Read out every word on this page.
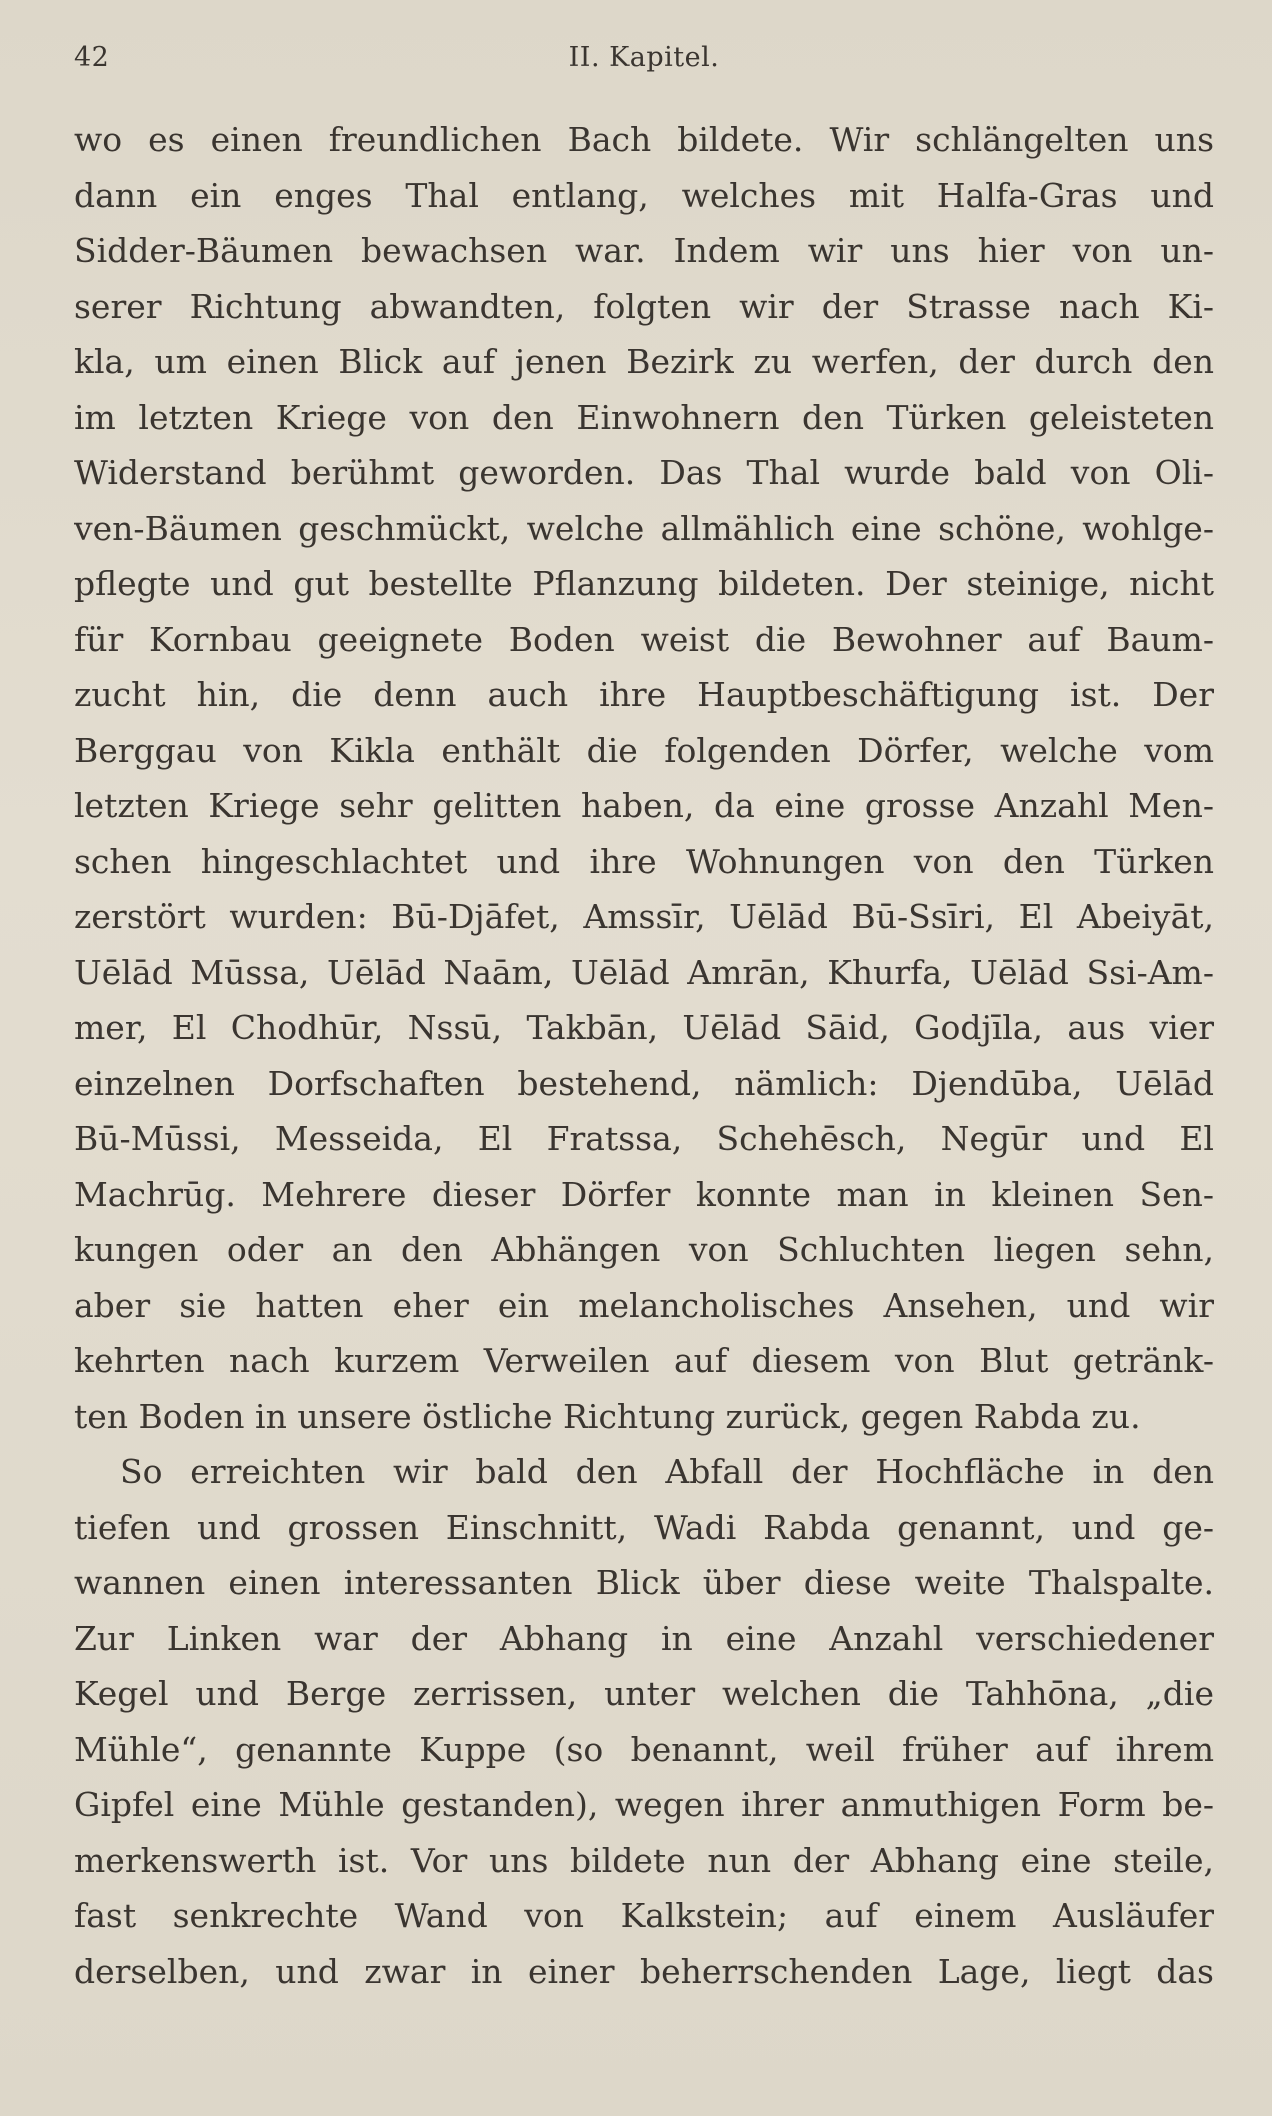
42	II. Kapitel.
wo es einen freundlichen Bach bildete. Wir schlängelten uns
dann ein enges Thal entlang, welches mit Halfa-Gras und
Sidder-Bäumen bewachsen war. Indem wir uns hier von un-
serer Richtung abwandten, folgten wir der Strasse nach Ki-
kla, um einen Blick auf jenen Bezirk zu werfen, der durch den
im letzten Kriege von den Einwohnern den Türken geleisteten
Widerstand berühmt geworden. Das Thal wurde bald von Oli-
ven-Bäumen geschmückt, welche allmählich eine schöne, wohlge-
pflegte und gut bestellte Pflanzung bildeten. Der steinige, nicht
für Kornbau geeignete Boden weist die Bewohner auf Baum-
zucht hin, die denn auch ihre Hauptbeschäftigung ist. Der
Berggau von Kikla enthält die folgenden Dörfer, welche vom
letzten Kriege sehr gelitten haben, da eine grosse Anzahl Men-
schen hingeschlachtet und ihre Wohnungen von den Türken
zerstört wurden: Bū-Djāfet, Amssīr, Uēlād Bū-Ssīri, El Abeiyāt,
Uēlād Mūssa, Uēlād Naām, Uēlād Amrān, Khurfa, Uēlād Ssi-Am-
mer, El Chodhūr, Nssū, Takbān, Uēlād Sāid, Godjīla, aus vier
einzelnen Dorfschaften bestehend, nämlich: Djendūba, Uēlād
Bū-Mūssi, Messeida, El Fratssa, Schehēsch, Negūr und El
Machrūg. Mehrere dieser Dörfer konnte man in kleinen Sen-
kungen oder an den Abhängen von Schluchten liegen sehn,
aber sie hatten eher ein melancholisches Ansehen, und wir
kehrten nach kurzem Verweilen auf diesem von Blut getränk-
ten Boden in unsere östliche Richtung zurück, gegen Rabda zu.
So erreichten wir bald den Abfall der Hochfläche in den
tiefen und grossen Einschnitt, Wadi Rabda genannt, und ge-
wannen einen interessanten Blick über diese weite Thalspalte.
Zur Linken war der Abhang in eine Anzahl verschiedener
Kegel und Berge zerrissen, unter welchen die Tahhōna, „die
Mühle“, genannte Kuppe (so benannt, weil früher auf ihrem
Gipfel eine Mühle gestanden), wegen ihrer anmuthigen Form be-
merkenswerth ist. Vor uns bildete nun der Abhang eine steile,
fast senkrechte Wand von Kalkstein; auf einem Ausläufer
derselben, und zwar in einer beherrschenden Lage, liegt das
